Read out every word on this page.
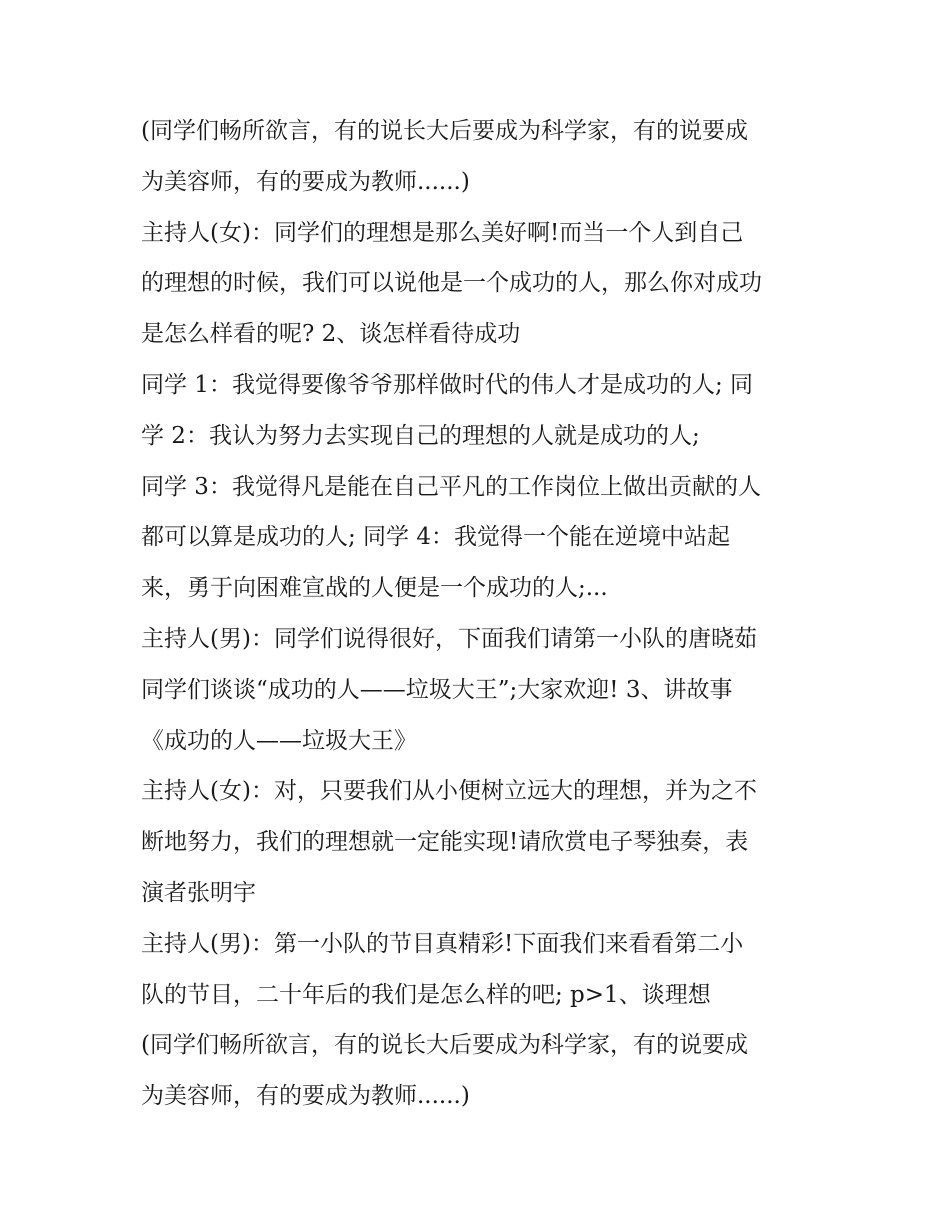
(同学们畅所欲言，有的说长大后要成为科学家，有的说要成
为美容师，有的要成为教师......)
主持人(女)：同学们的理想是那么美好啊!而当一个人到自己
的理想的时候，我们可以说他是一个成功的人，那么你对成功
是怎么样看的呢? 2、谈怎样看待成功
同学 1：我觉得要像爷爷那样做时代的伟人才是成功的人; 同
学 2：我认为努力去实现自己的理想的人就是成功的人;
同学 3：我觉得凡是能在自己平凡的工作岗位上做出贡献的人
都可以算是成功的人; 同学 4：我觉得一个能在逆境中站起
来，勇于向困难宣战的人便是一个成功的人;...
主持人(男)：同学们说得很好，下面我们请第一小队的唐晓茹
同学们谈谈“成功的人——垃圾大王”;大家欢迎! 3、讲故事
《成功的人——垃圾大王》
主持人(女)：对，只要我们从小便树立远大的理想，并为之不
断地努力，我们的理想就一定能实现!请欣赏电子琴独奏，表
演者张明宇
主持人(男)：第一小队的节目真精彩!下面我们来看看第二小
队的节目，二十年后的我们是怎么样的吧; p>1、谈理想
(同学们畅所欲言，有的说长大后要成为科学家，有的说要成
为美容师，有的要成为教师......)
